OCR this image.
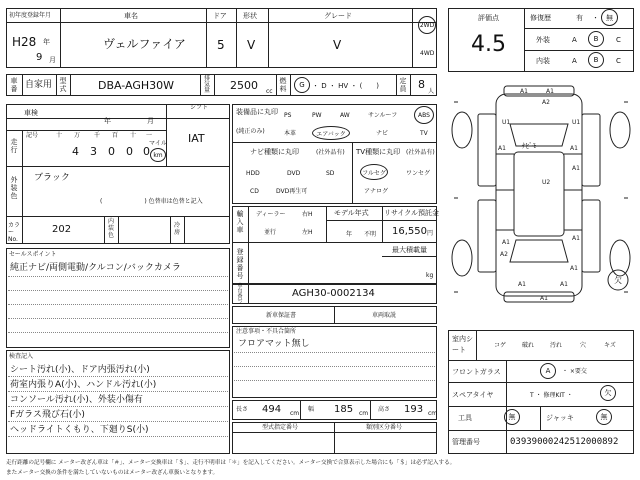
初年度登録年月	車名	ドア 形状	グレード
H28 年
9 月
ヴェルファイア	5 V	V
2WD
4WD
車番 自家用 型式	DBA-AGH30W
排気量 2500 cc
燃料	G	・ D ・ HV ・ (　　)
定員 8
人
評価点
4.5
修復歴	有 ・	無
外装	A	B	C
内装	A	B	C
車検
年	月
シフト
記号	十 万 千 百 十 一
走行	4 3 0 0 0
マイル
km
IAT
外装色
ブラック
(　　　　　　　) 色替車は色替と記入
カラーNo.
202
内装色
冷房
装備品に丸印
(純正のみ)
PS	PW	AW	サンルーフ	ABS
本革	エアバック	ナビ	TV
ナビ種類に丸印	(社外品有)
HDD	DVD	SD
CD	DVD再生可
TV種類に丸印 (社外品有)
フルセグ	ワンセグ
アナログ
輸入車
ディーラー	右H
並行	左H
モデル年式
年 不明
リサイクル預託金
16,550 円
最大積載量
kg
登録番号
セールスポイント
純正ナビ/両側電動/クルコン/バックカメラ
車台番号
AGH30-0002134
新車保証書	車両取説
注意事項・不具合箇所
フロアマット無し
検査記入
シート汚れ(小)、ドア内張汚れ(小)
荷室内張りA(小)、ハンドル汚れ(小)
コンソール汚れ(小)、外装小傷有
Fガラス飛び石(小)
ヘッドライトくもり、下廻りS(小)
長さ 494 cm
幅 185 cm
高さ 193 cm
型式指定番号	類別区分番号
A1	A1
A2
U1	U1
A1	A1
A1
U2
A1
A2
A1	A1
A1
A1
A1
ﾅﾋﾞﾓ
欠
室内シート
コゲ	破れ	汚れ	穴	キズ
フロントガラス	A	・ ×要交
スペアタイヤ	T ・ 修理KIT ・	欠
工具	無	ジャッキ	無
管理番号	03939000242512000892
走行距離の記号欄に メーター改ざん車は「＃」、メーター交換車は「＄」、走行不明車は「＊」を記入してください。メーター交換で合算表示した場合にも「＄」は必ず記入する。
またメーター交換の条件を満たしていないものはメーター改ざん車扱いとなります。
